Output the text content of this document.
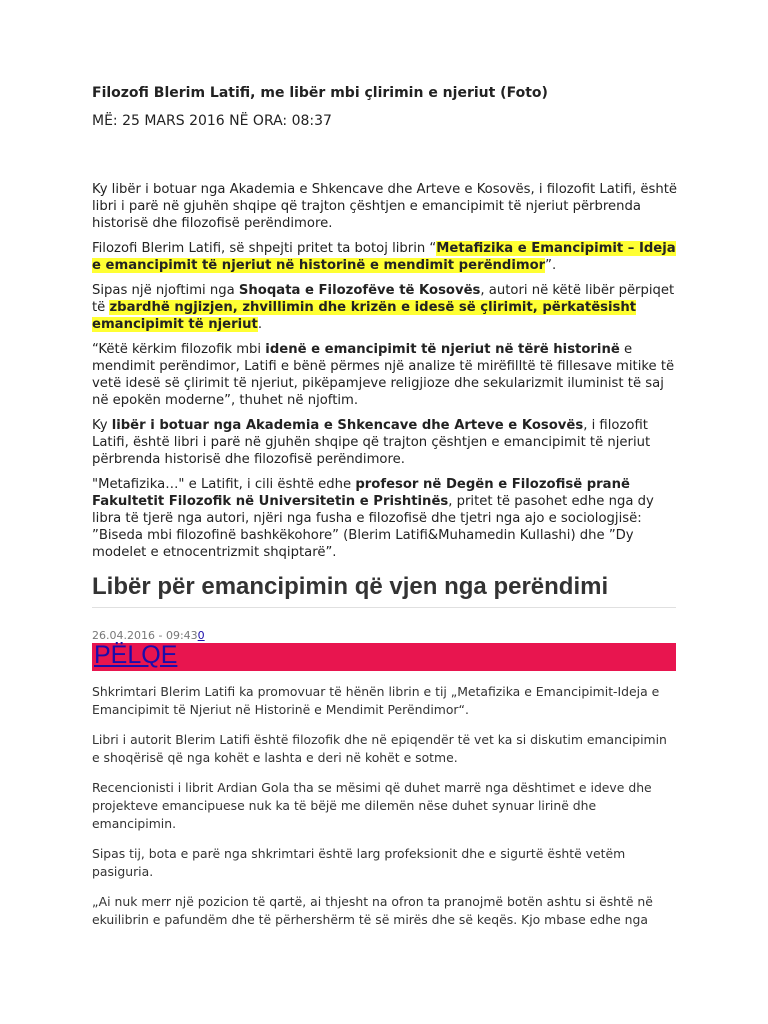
Filozofi Blerim Latifi, me libër mbi çlirimin e njeriut (Foto)
MË: 25 MARS 2016 NË ORA: 08:37

Ky libër i botuar nga Akademia e Shkencave dhe Arteve e Kosovës, i filozofit Latifi, është libri i parë në gjuhën shqipe që trajton çështjen e emancipimit të njeriut përbrenda historisë dhe filozofisë perëndimore.

Filozofi Blerim Latifi, së shpejti pritet ta botoj librin “Metafizika e Emancipimit – Ideja e emancipimit të njeriut në historinë e mendimit perëndimor”.

Sipas një njoftimi nga Shoqata e Filozofëve të Kosovës, autori në këtë libër përpiqet të zbardhë ngjizjen, zhvillimin dhe krizën e idesë së çlirimit, përkatësisht emancipimit të njeriut.

“Këtë kërkim filozofik mbi idenë e emancipimit të njeriut në tërë historinë e mendimit perëndimor, Latifi e bënë përmes një analize të mirëfilltë të fillesave mitike të vetë idesë së çlirimit të njeriut, pikëpamjeve religjioze dhe sekularizmit iluminist të saj në epokën moderne”, thuhet në njoftim.

Ky libër i botuar nga Akademia e Shkencave dhe Arteve e Kosovës, i filozofit Latifi, është libri i parë në gjuhën shqipe që trajton çështjen e emancipimit të njeriut përbrenda historisë dhe filozofisë perëndimore.

"Metafizika…" e Latifit, i cili është edhe profesor në Degën e Filozofisë pranë Fakultetit Filozofik në Universitetin e Prishtinës, pritet të pasohet edhe nga dy libra të tjerë nga autori, njëri nga fusha e filozofisë dhe tjetri nga ajo e sociologjisë: ”Biseda mbi filozofinë bashkëkohore” (Blerim Latifi&Muhamedin Kullashi) dhe ”Dy modelet e etnocentrizmit shqiptarë”.

Libër për emancipimin që vjen nga perëndimi
26.04.2016 - 09:430
PËLQE

Shkrimtari Blerim Latifi ka promovuar të hënën librin e tij „Metafizika e Emancipimit-Ideja e Emancipimit të Njeriut në Historinë e Mendimit Perëndimor“.

Libri i autorit Blerim Latifi është filozofik dhe në epiqendër të vet ka si diskutim emancipimin e shoqërisë që nga kohët e lashta e deri në kohët e sotme.

Recencionisti i librit Ardian Gola tha se mësimi që duhet marrë nga dështimet e ideve dhe projekteve emancipuese nuk ka të bëjë me dilemën nëse duhet synuar lirinë dhe emancipimin.

Sipas tij, bota e parë nga shkrimtari është larg profeksionit dhe e sigurtë është vetëm pasiguria.

„Ai nuk merr një pozicion të qartë, ai thjesht na ofron ta pranojmë botën ashtu si është në ekuilibrin e pafundëm dhe të përhershërm të së mirës dhe së keqës. Kjo mbase edhe nga
